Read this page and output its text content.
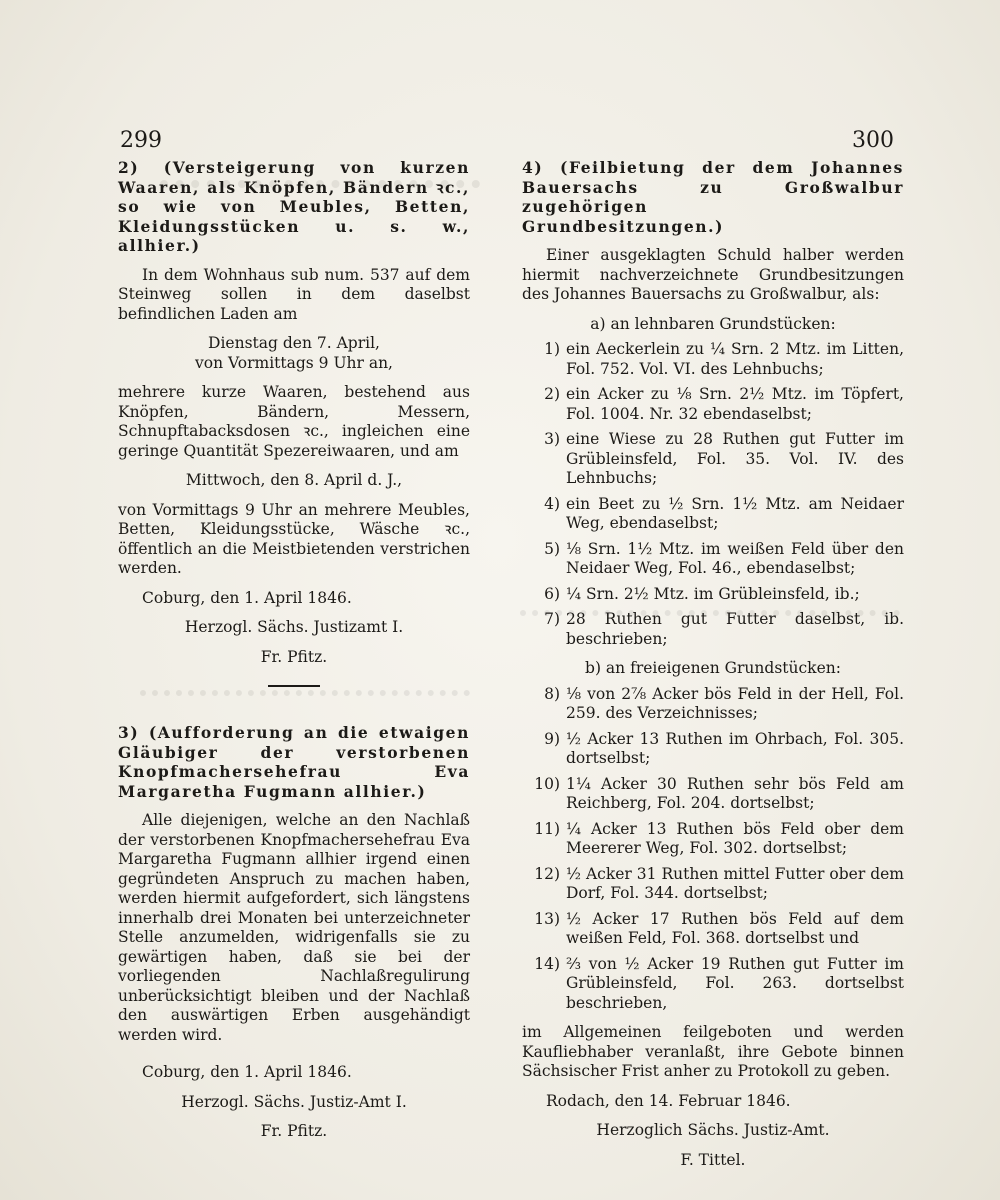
299	300

2) (Versteigerung von kurzen Waaren, als Knöpfen, Bändern ꝛc., so wie von Meubles, Betten, Kleidungsstücken u. s. w., allhier.)

In dem Wohnhaus sub num. 537 auf dem Steinweg sollen in dem daselbst befindlichen Laden am

Dienstag den 7. April,

von Vormittags 9 Uhr an,

mehrere kurze Waaren, bestehend aus Knöpfen, Bändern, Messern, Schnupftabacksdosen ꝛc., ingleichen eine geringe Quantität Spezereiwaaren, und am

Mittwoch, den 8. April d. J.,

von Vormittags 9 Uhr an mehrere Meubles, Betten, Kleidungsstücke, Wäsche ꝛc., öffentlich an die Meistbietenden verstrichen werden.

Coburg, den 1. April 1846.

Herzogl. Sächs. Justizamt I.

Fr. Pfitz.

3) (Aufforderung an die etwaigen Gläubiger der verstorbenen Knopfmachersehefrau Eva Margaretha Fugmann allhier.)

Alle diejenigen, welche an den Nachlaß der verstorbenen Knopfmachersehefrau Eva Margaretha Fugmann allhier irgend einen gegründeten Anspruch zu machen haben, werden hiermit aufgefordert, sich längstens innerhalb drei Monaten bei unterzeichneter Stelle anzumelden, widrigenfalls sie zu gewärtigen haben, daß sie bei der vorliegenden Nachlaßregulirung unberücksichtigt bleiben und der Nachlaß den auswärtigen Erben ausgehändigt werden wird.

Coburg, den 1. April 1846.

Herzogl. Sächs. Justiz-Amt I.

Fr. Pfitz.

4) (Feilbietung der dem Johannes Bauersachs zu Großwalbur zugehörigen
Grundbesitzungen.)

Einer ausgeklagten Schuld halber werden hiermit nachverzeichnete Grundbesitzungen des Johannes Bauersachs zu Großwalbur, als:

a) an lehnbaren Grundstücken:

1) ein Aeckerlein zu ¼ Srn. 2 Mtz. im Litten, Fol. 752. Vol. VI. des Lehnbuchs;
2) ein Acker zu ⅛ Srn. 2½ Mtz. im Töpfert, Fol. 1004. Nr. 32 ebendaselbst;
3) eine Wiese zu 28 Ruthen gut Futter im Grübleinsfeld, Fol. 35. Vol. IV. des Lehnbuchs;
4) ein Beet zu ½ Srn. 1½ Mtz. am Neidaer Weg, ebendaselbst;
5) ⅛ Srn. 1½ Mtz. im weißen Feld über den Neidaer Weg, Fol. 46., ebendaselbst;
6) ¼ Srn. 2½ Mtz. im Grübleinsfeld, ib.;
7) 28 Ruthen gut Futter daselbst, ib. beschrieben;

b) an freieigenen Grundstücken:

8) ⅛ von 2⅞ Acker bös Feld in der Hell, Fol. 259. des Verzeichnisses;
9) ½ Acker 13 Ruthen im Ohrbach, Fol. 305. dortselbst;
10) 1¼ Acker 30 Ruthen sehr bös Feld am Reichberg, Fol. 204. dortselbst;
11) ¼ Acker 13 Ruthen bös Feld ober dem Meererer Weg, Fol. 302. dortselbst;
12) ½ Acker 31 Ruthen mittel Futter ober dem Dorf, Fol. 344. dortselbst;
13) ½ Acker 17 Ruthen bös Feld auf dem weißen Feld, Fol. 368. dortselbst und
14) ⅔ von ½ Acker 19 Ruthen gut Futter im Grübleinsfeld, Fol. 263. dortselbst beschrieben,

im Allgemeinen feilgeboten und werden Kaufliebhaber veranlaßt, ihre Gebote binnen Sächsischer Frist anher zu Protokoll zu geben.

Rodach, den 14. Februar 1846.

Herzoglich Sächs. Justiz-Amt.

F. Tittel.
